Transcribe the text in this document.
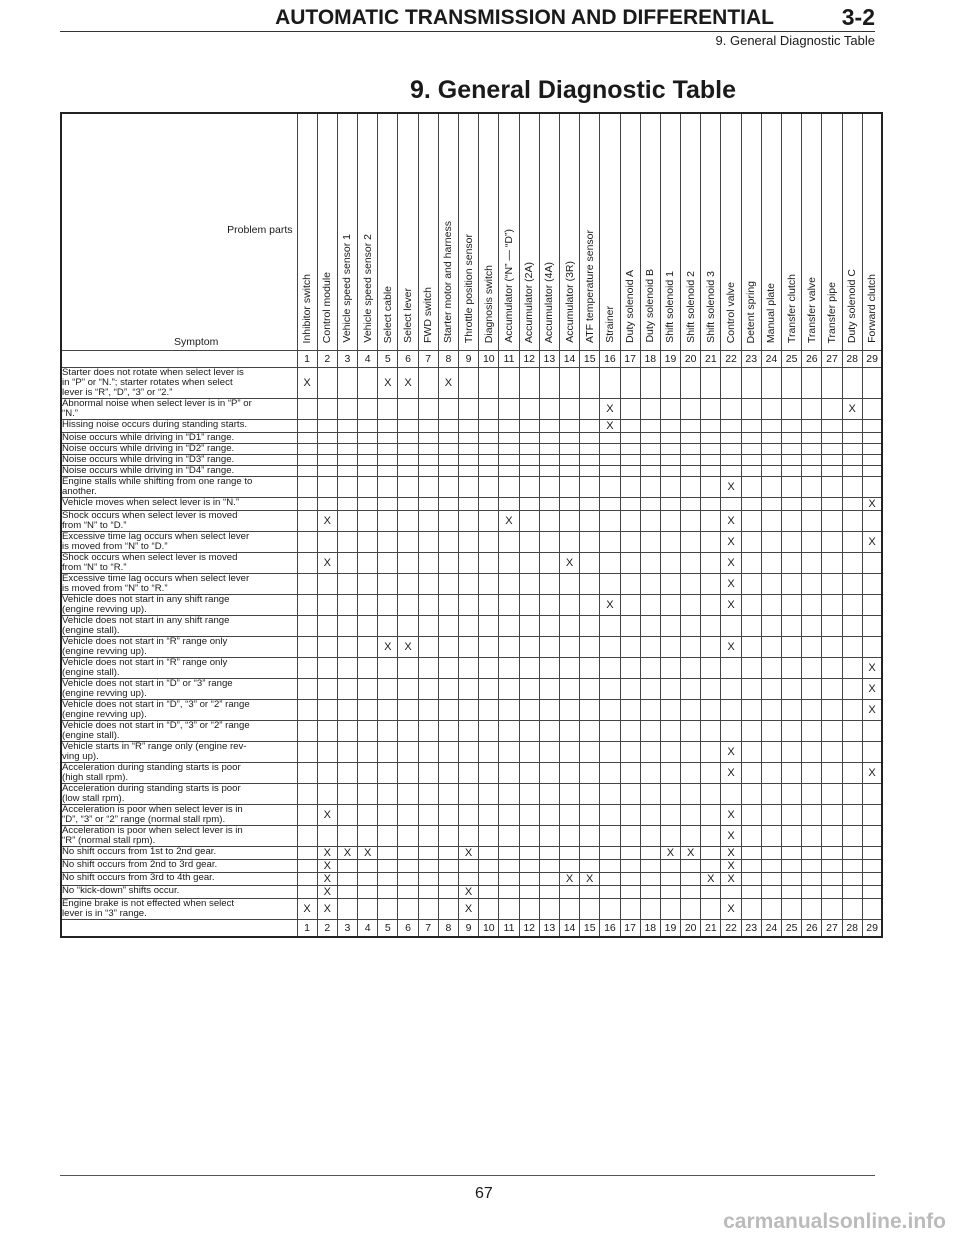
AUTOMATIC TRANSMISSION AND DIFFERENTIAL	3-2
9. General Diagnostic Table
9. General Diagnostic Table
Problem parts
Symptom	Inhibitor switch	Control module	Vehicle speed sensor 1	Vehicle speed sensor 2	Select cable	Select lever	FWD switch	Starter motor and harness	Throttle position sensor	Diagnosis switch	Accumulator (“N” — “D”)	Accumulator (2A)	Accumulator (4A)	Accumulator (3R)	ATF temperature sensor	Strainer	Duty solenoid A	Duty solenoid B	Shift solenoid 1	Shift solenoid 2	Shift solenoid 3	Control valve	Detent spring	Manual plate	Transfer clutch	Transfer valve	Transfer pipe	Duty solenoid C	Forward clutch
	1	2	3	4	5	6	7	8	9	10	11	12	13	14	15	16	17	18	19	20	21	22	23	24	25	26	27	28	29
Starter does not rotate when select lever is
in “P” or “N.”; starter rotates when select
lever is “R”, “D”, “3” or “2.”	X				X	X		X																					
Abnormal noise when select lever is in “P” or
“N.”																X												X	
Hissing noise occurs during standing starts.																X													
Noise occurs while driving in “D1” range.																													
Noise occurs while driving in “D2” range.																													
Noise occurs while driving in “D3” range.																													
Noise occurs while driving in “D4” range.																													
Engine stalls while shifting from one range to
another.																						X							
Vehicle moves when select lever is in “N.”																													X
Shock occurs when select lever is moved
from “N” to “D.”		X									X											X							
Excessive time lag occurs when select lever
is moved from “N” to “D.”																						X							X
Shock occurs when select lever is moved
from “N” to “R.”		X												X								X							
Excessive time lag occurs when select lever
is moved from “N” to “R.”																						X							
Vehicle does not start in any shift range
(engine revving up).																X						X							
Vehicle does not start in any shift range
(engine stall).																													
Vehicle does not start in “R” range only
(engine revving up).					X	X																X							
Vehicle does not start in “R” range only
(engine stall).																													X
Vehicle does not start in “D” or “3” range
(engine revving up).																													X
Vehicle does not start in “D”, “3” or “2” range
(engine revving up).																													X
Vehicle does not start in “D”, “3” or “2” range
(engine stall).																													
Vehicle starts in “R” range only (engine rev-
ving up).																						X							
Acceleration during standing starts is poor
(high stall rpm).																						X							X
Acceleration during standing starts is poor
(low stall rpm).																													
Acceleration is poor when select lever is in
“D”, “3” or “2” range (normal stall rpm).		X																				X							
Acceleration is poor when select lever is in
“R” (normal stall rpm).																						X							
No shift occurs from 1st to 2nd gear.		X	X	X					X										X	X		X							
No shift occurs from 2nd to 3rd gear.		X																				X							
No shift occurs from 3rd to 4th gear.		X												X	X						X	X							
No “kick-down” shifts occur.		X							X																				
Engine brake is not effected when select
lever is in “3” range.	X	X							X													X							
	1	2	3	4	5	6	7	8	9	10	11	12	13	14	15	16	17	18	19	20	21	22	23	24	25	26	27	28	29
67
carmanualsonline.info
